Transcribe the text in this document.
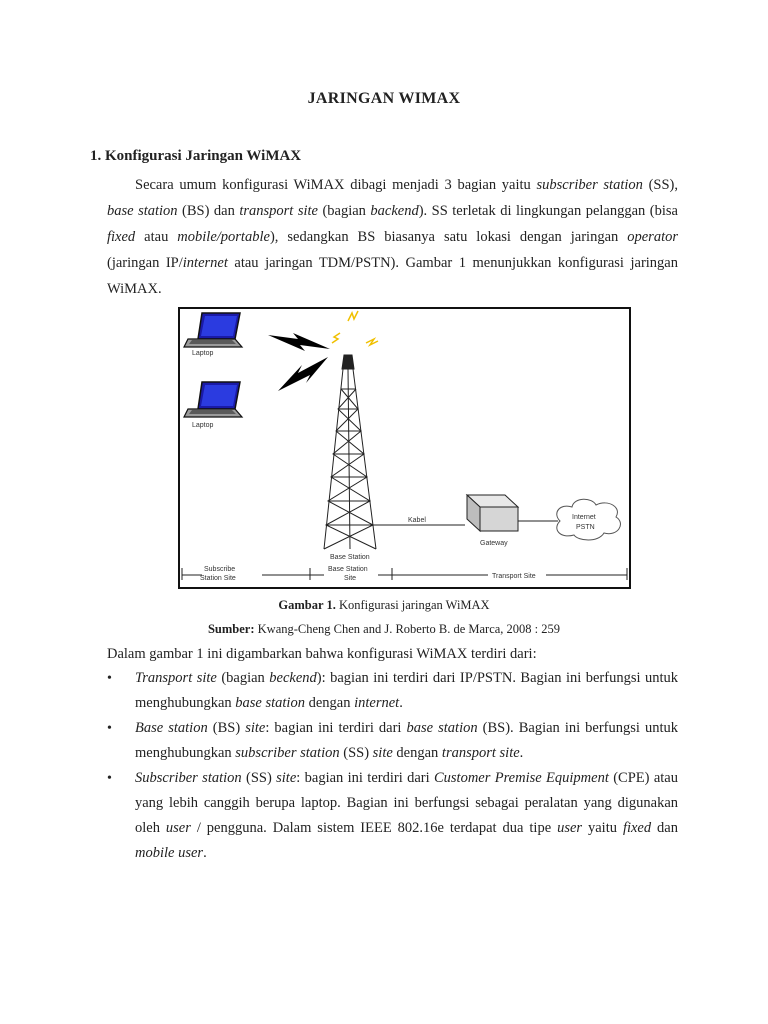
JARINGAN WIMAX
1. Konfigurasi Jaringan WiMAX
Secara umum konfigurasi WiMAX dibagi menjadi 3 bagian yaitu subscriber station (SS), base station (BS) dan transport site (bagian backend). SS terletak di lingkungan pelanggan (bisa fixed atau mobile/portable), sedangkan BS biasanya satu lokasi dengan jaringan operator (jaringan IP/internet atau jaringan TDM/PSTN). Gambar 1 menunjukkan konfigurasi jaringan WiMAX.
Laptop
Laptop
Base Station
Kabel
Gateway
Internet
PSTN
Subscribe
Station Site
Base Station
Site	Transport Site
Gambar 1. Konfigurasi jaringan WiMAX
Sumber: Kwang-Cheng Chen and J. Roberto B. de Marca, 2008 : 259
Dalam gambar 1 ini digambarkan bahwa konfigurasi WiMAX terdiri dari:
• Transport site (bagian beckend): bagian ini terdiri dari IP/PSTN. Bagian ini berfungsi untuk menghubungkan base station dengan internet.
• Base station (BS) site: bagian ini terdiri dari base station (BS). Bagian ini berfungsi untuk menghubungkan subscriber station (SS) site dengan transport site.
• Subscriber station (SS) site: bagian ini terdiri dari Customer Premise Equipment (CPE) atau yang lebih canggih berupa laptop. Bagian ini berfungsi sebagai peralatan yang digunakan oleh user / pengguna. Dalam sistem IEEE 802.16e terdapat dua tipe user yaitu fixed dan mobile user.
